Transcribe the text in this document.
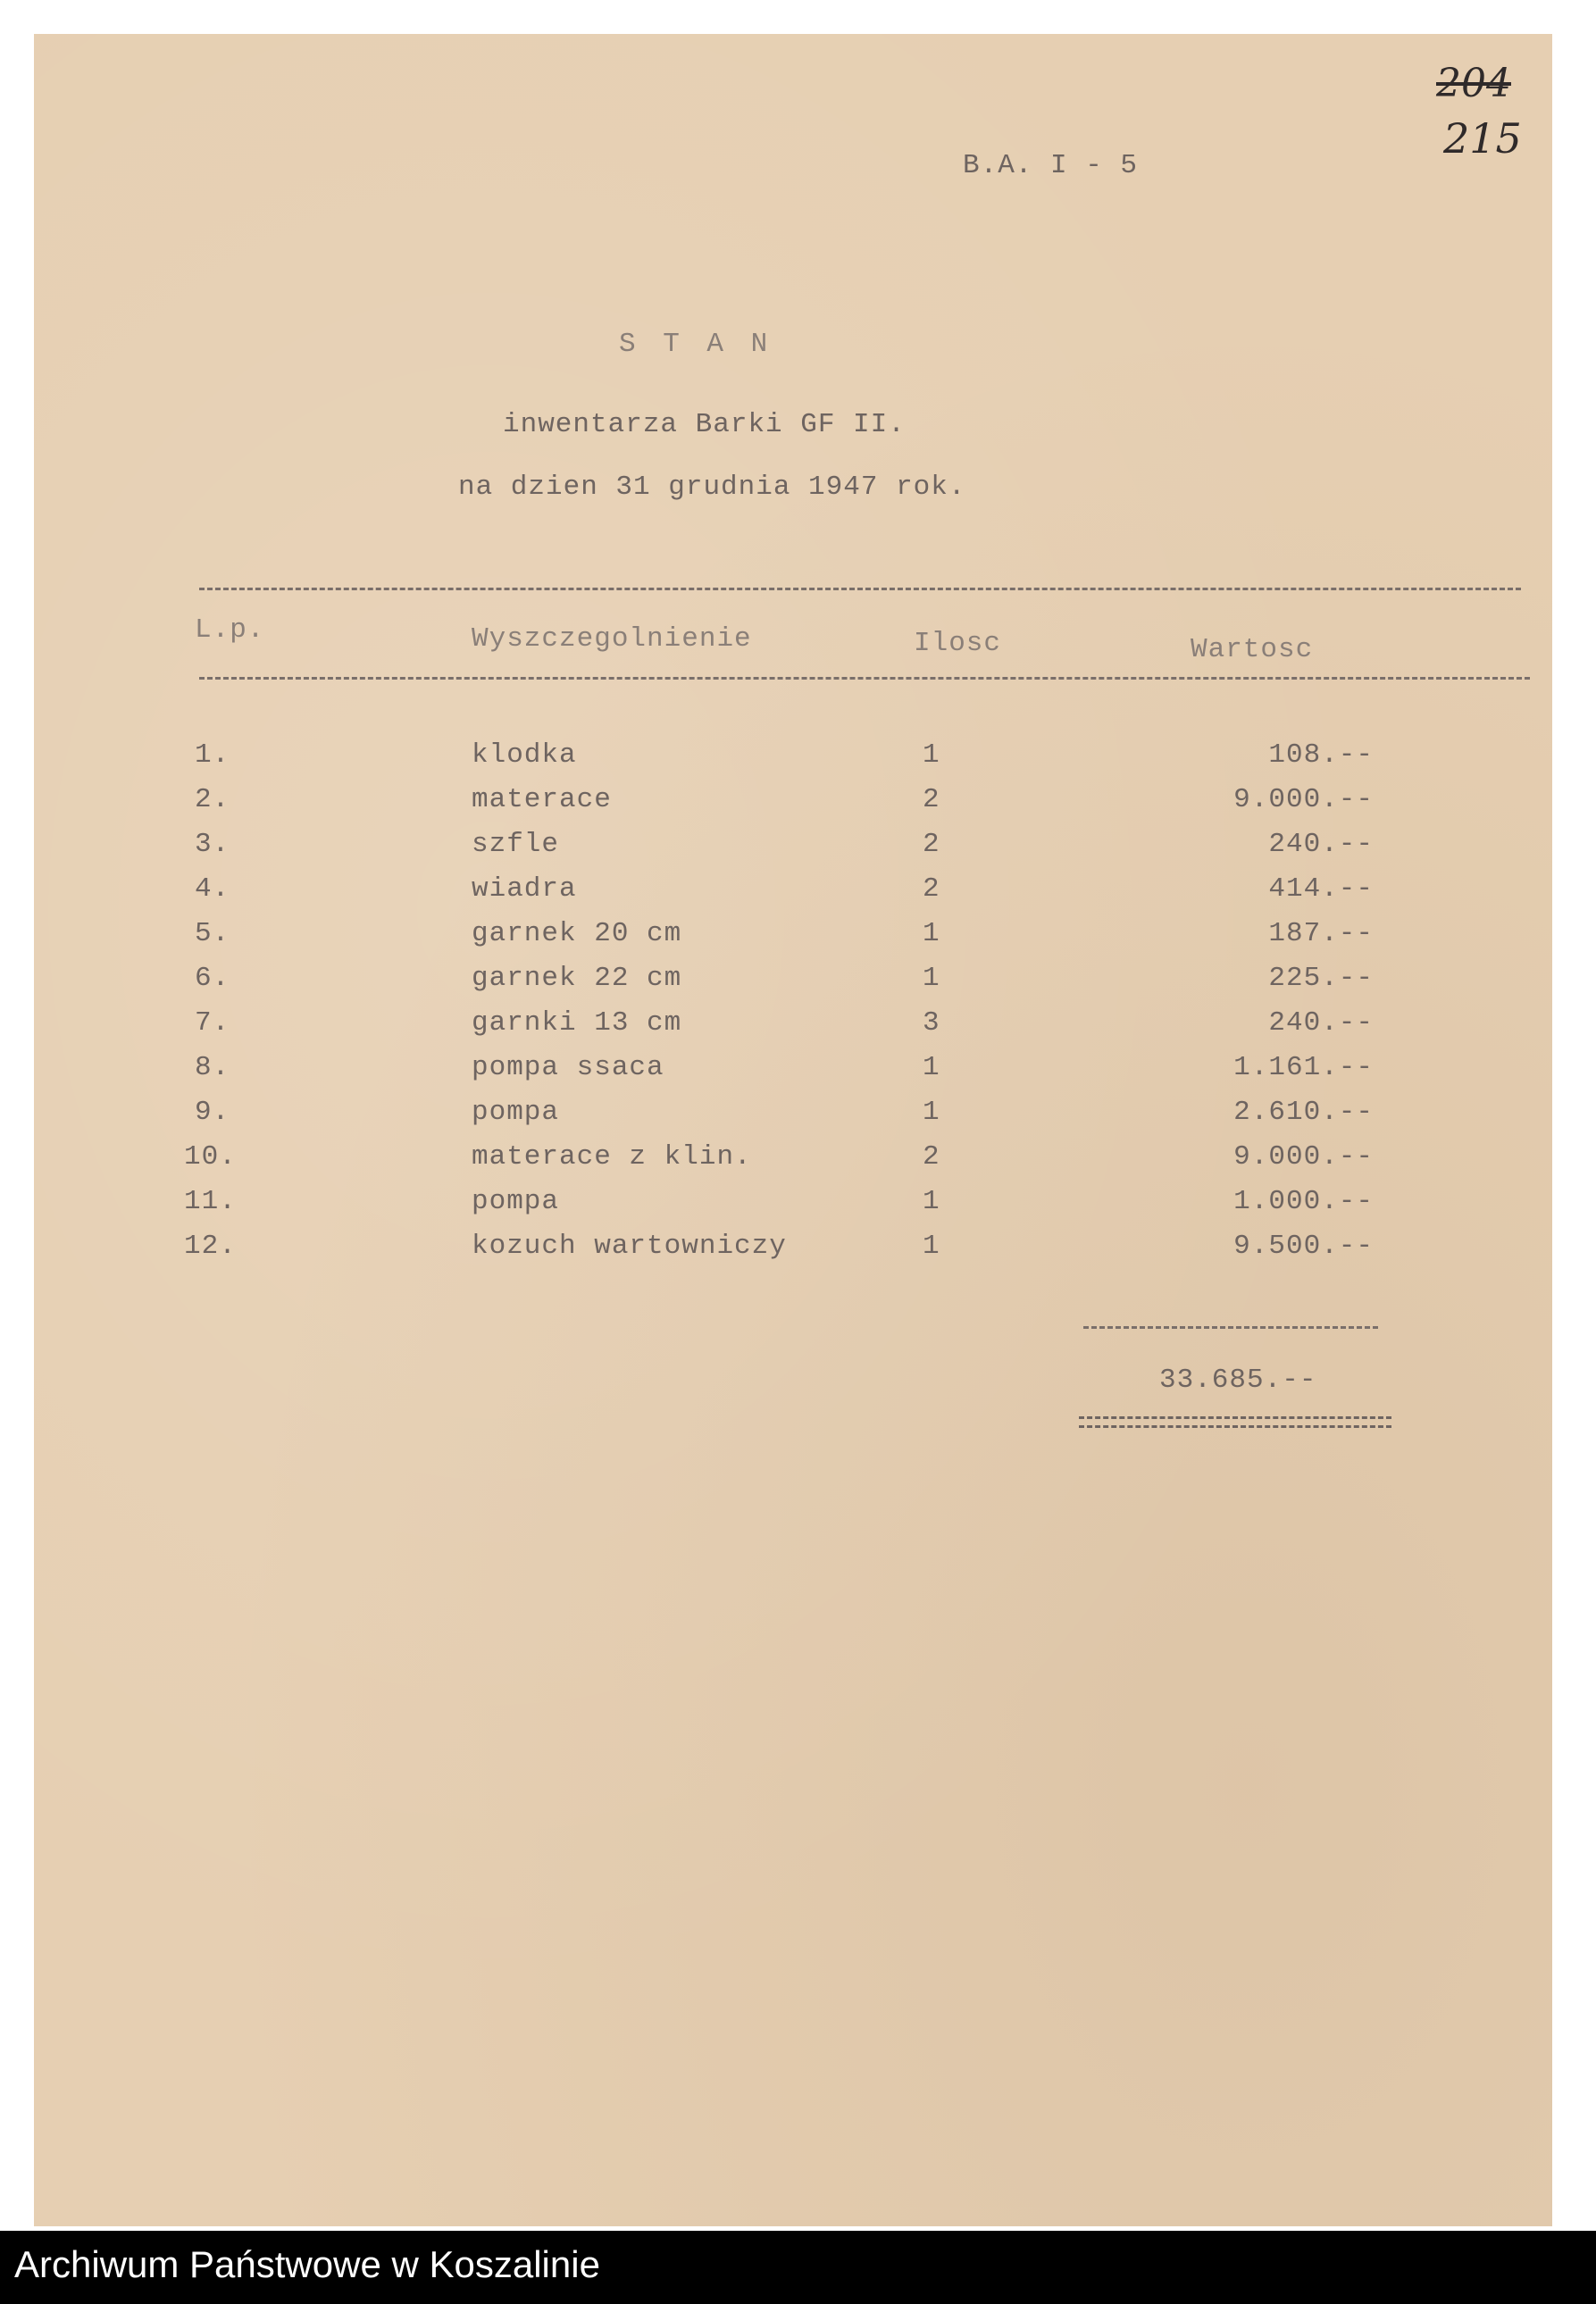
204
215
B.A. I - 5
S T A N
inwentarza Barki GF II.
na dzien 31 grudnia 1947 rok.
L.p.	Wyszczegolnienie	Ilosc	Wartosc
1.	klodka	1	108.--
2.	materace	2	9.000.--
3.	szfle	2	240.--
4.	wiadra	2	414.--
5.	garnek 20 cm	1	187.--
6.	garnek 22 cm	1	225.--
7.	garnki 13 cm	3	240.--
8.	pompa ssaca	1	1.161.--
9.	pompa	1	2.610.--
10.	materace z klin.	2	9.000.--
11.	pompa	1	1.000.--
12.	kozuch wartowniczy	1	9.500.--
33.685.--
Archiwum Państwowe w Koszalinie
